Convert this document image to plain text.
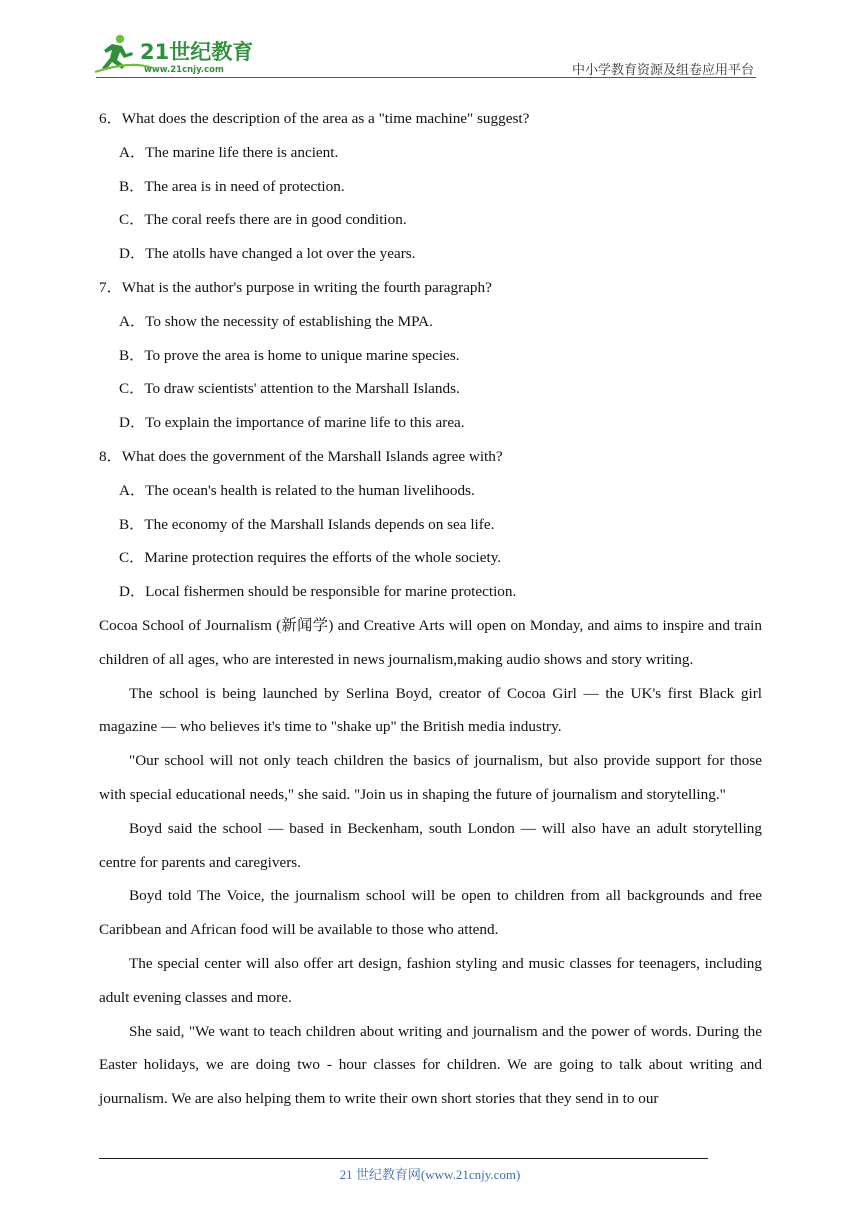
21世纪教育
www.21cnjy.com	中小学教育资源及组卷应用平台
6．What does the description of the area as a "time machine" suggest?
A．The marine life there is ancient.
B．The area is in need of protection.
C．The coral reefs there are in good condition.
D．The atolls have changed a lot over the years.
7．What is the author's purpose in writing the fourth paragraph?
A．To show the necessity of establishing the MPA.
B．To prove the area is home to unique marine species.
C．To draw scientists' attention to the Marshall Islands.
D．To explain the importance of marine life to this area.
8．What does the government of the Marshall Islands agree with?
A．The ocean's health is related to the human livelihoods.
B．The economy of the Marshall Islands depends on sea life.
C．Marine protection requires the efforts of the whole society.
D．Local fishermen should be responsible for marine protection.
Cocoa School of Journalism (新闻学) and Creative Arts will open on Monday, and aims to inspire and train children of all ages, who are interested in news journalism,making audio shows and story writing.
The school is being launched by Serlina Boyd, creator of Cocoa Girl — the UK's first Black girl magazine — who believes it's time to "shake up" the British media industry.
"Our school will not only teach children the basics of journalism, but also provide support for those with special educational needs," she said. "Join us in shaping the future of journalism and storytelling."
Boyd said the school — based in Beckenham, south London — will also have an adult storytelling centre for parents and caregivers.
Boyd told The Voice, the journalism school will be open to children from all backgrounds and free Caribbean and African food will be available to those who attend.
The special center will also offer art design, fashion styling and music classes for teenagers, including adult evening classes and more.
She said, "We want to teach children about writing and journalism and the power of words. During the Easter holidays, we are doing two - hour classes for children. We are going to talk about writing and journalism. We are also helping them to write their own short stories that they send in to our
21 世纪教育网(www.21cnjy.com)
